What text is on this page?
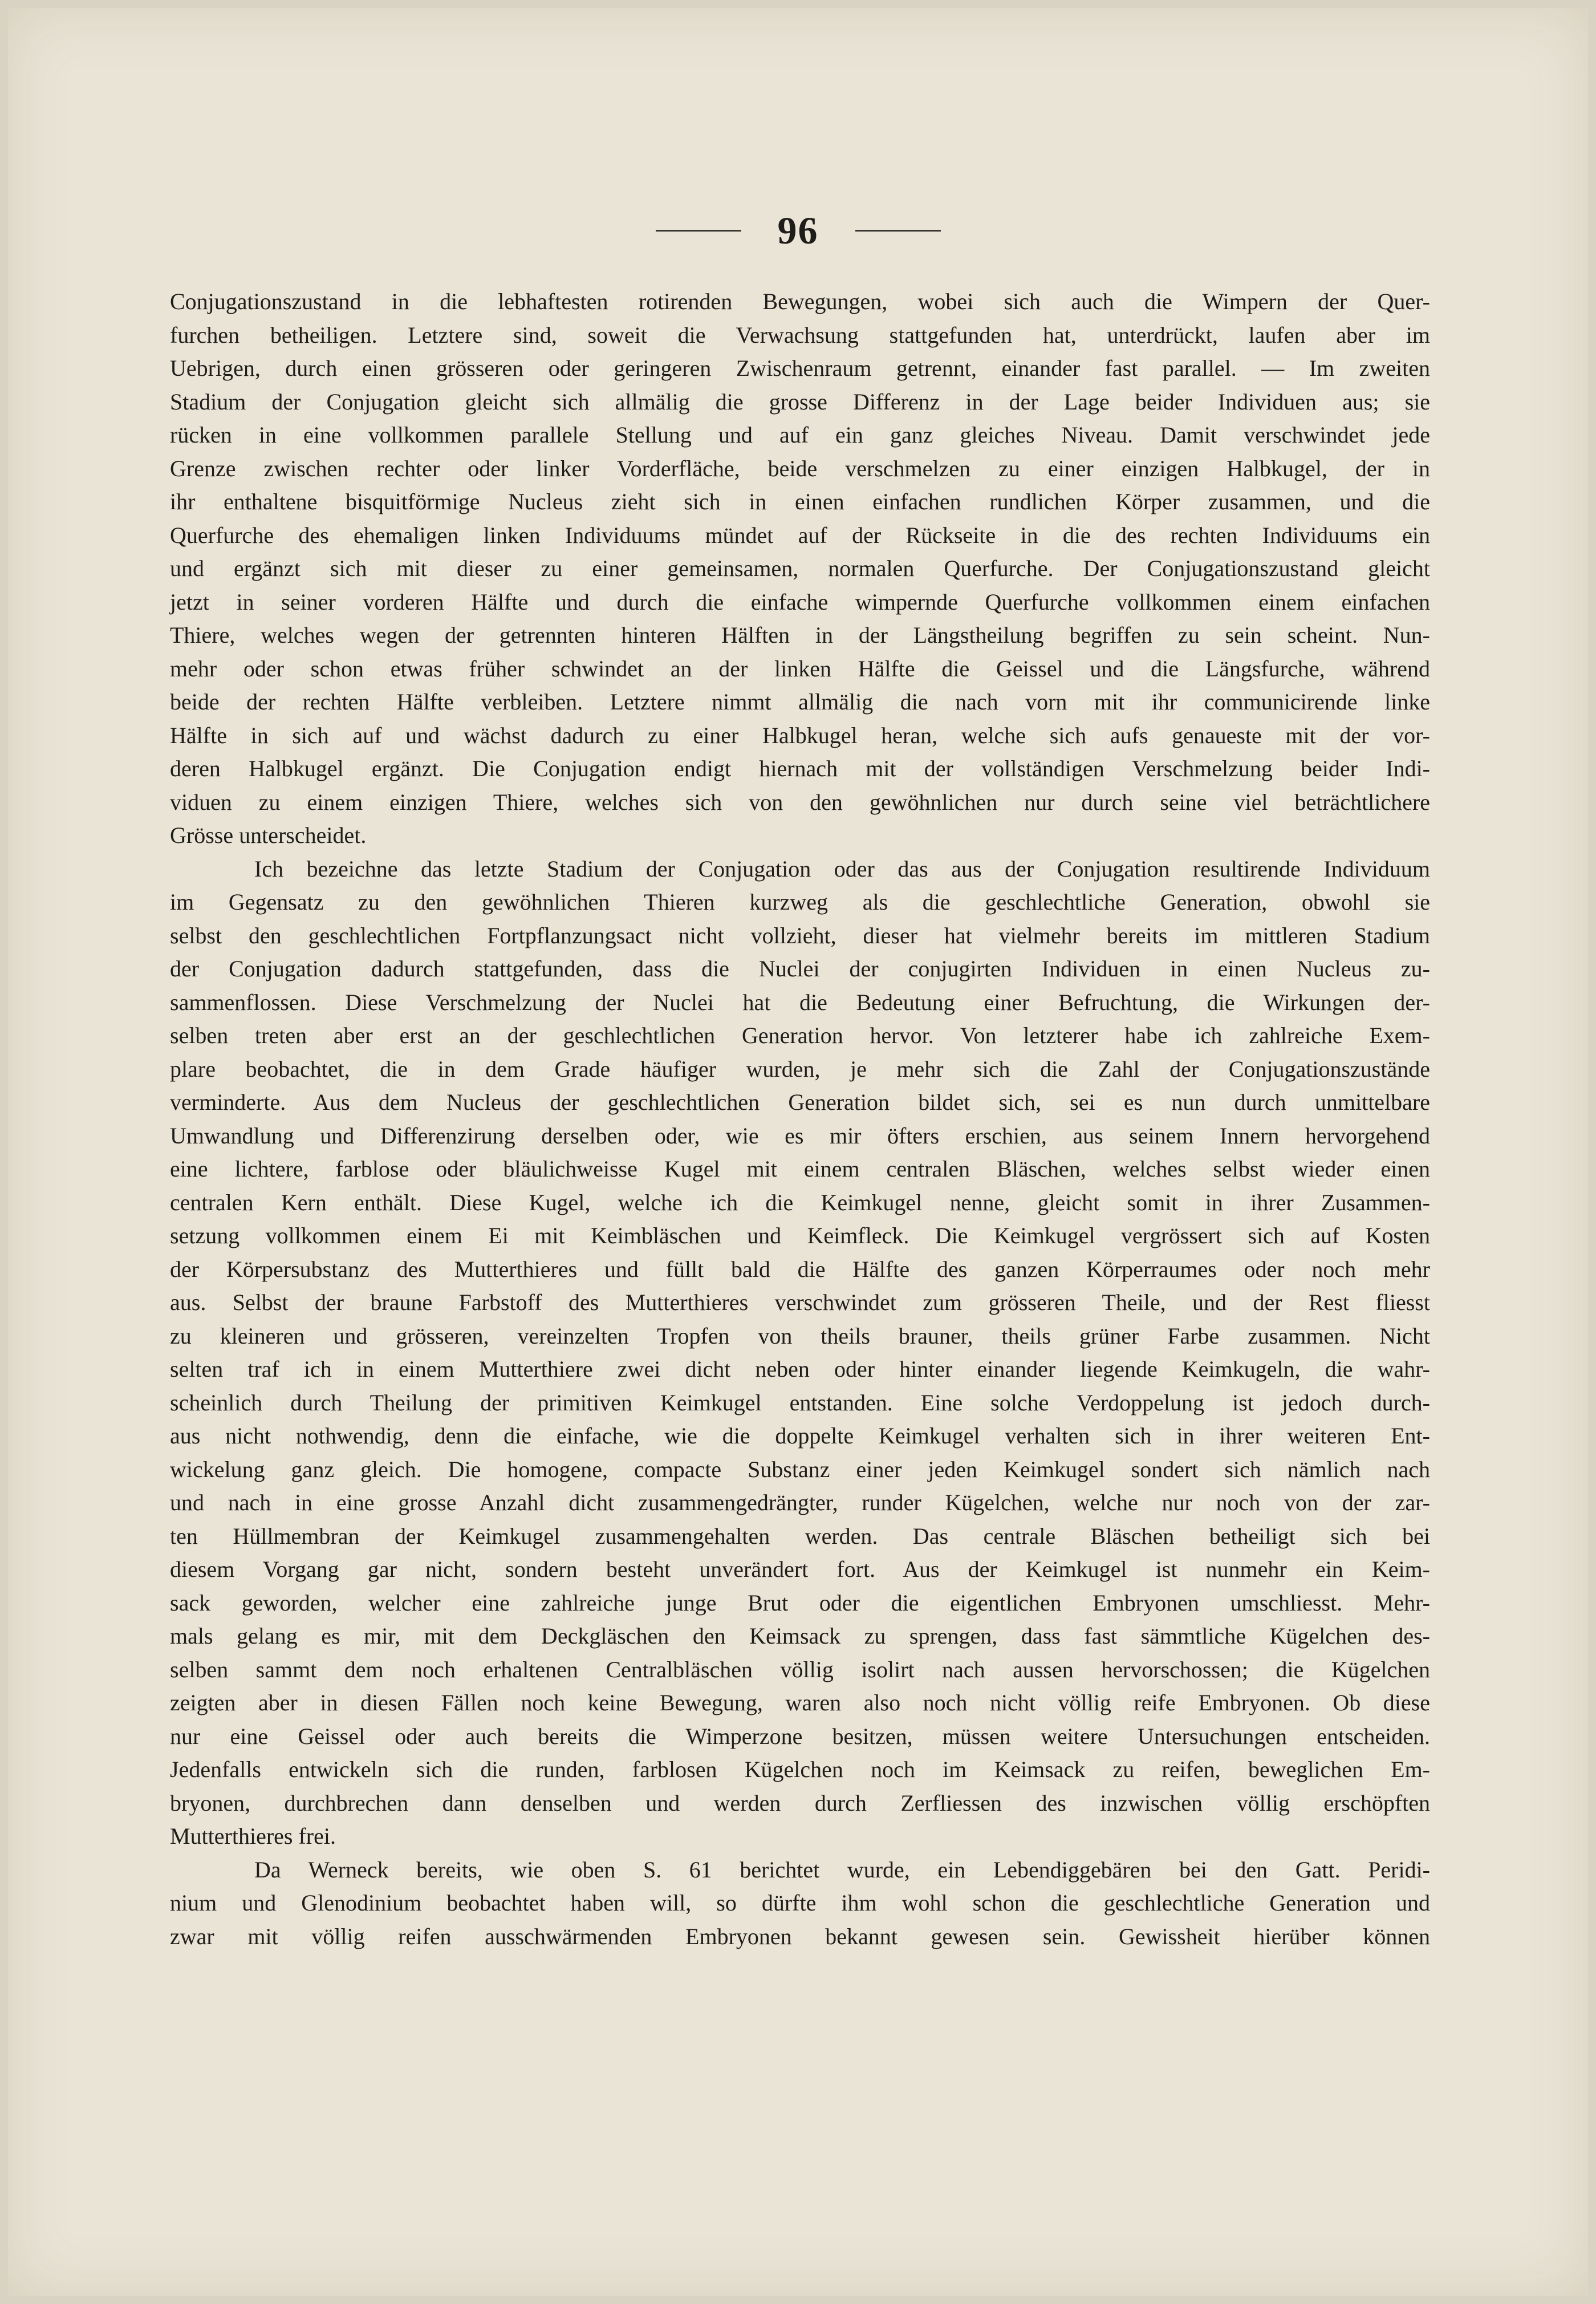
96
Conjugationszustand in die lebhaftesten rotirenden Bewegungen, wobei sich auch die Wimpern der Quer-
furchen betheiligen. Letztere sind, soweit die Verwachsung stattgefunden hat, unterdrückt, laufen aber im
Uebrigen, durch einen grösseren oder geringeren Zwischenraum getrennt, einander fast parallel. — Im zweiten
Stadium der Conjugation gleicht sich allmälig die grosse Differenz in der Lage beider Individuen aus; sie
rücken in eine vollkommen parallele Stellung und auf ein ganz gleiches Niveau. Damit verschwindet jede
Grenze zwischen rechter oder linker Vorderfläche, beide verschmelzen zu einer einzigen Halbkugel, der in
ihr enthaltene bisquitförmige Nucleus zieht sich in einen einfachen rundlichen Körper zusammen, und die
Querfurche des ehemaligen linken Individuums mündet auf der Rückseite in die des rechten Individuums ein
und ergänzt sich mit dieser zu einer gemeinsamen, normalen Querfurche. Der Conjugationszustand gleicht
jetzt in seiner vorderen Hälfte und durch die einfache wimpernde Querfurche vollkommen einem einfachen
Thiere, welches wegen der getrennten hinteren Hälften in der Längstheilung begriffen zu sein scheint. Nun-
mehr oder schon etwas früher schwindet an der linken Hälfte die Geissel und die Längsfurche, während
beide der rechten Hälfte verbleiben. Letztere nimmt allmälig die nach vorn mit ihr communicirende linke
Hälfte in sich auf und wächst dadurch zu einer Halbkugel heran, welche sich aufs genaueste mit der vor-
deren Halbkugel ergänzt. Die Conjugation endigt hiernach mit der vollständigen Verschmelzung beider Indi-
viduen zu einem einzigen Thiere, welches sich von den gewöhnlichen nur durch seine viel beträchtlichere
Grösse unterscheidet.
Ich bezeichne das letzte Stadium der Conjugation oder das aus der Conjugation resultirende Individuum
im Gegensatz zu den gewöhnlichen Thieren kurzweg als die geschlechtliche Generation, obwohl sie
selbst den geschlechtlichen Fortpflanzungsact nicht vollzieht, dieser hat vielmehr bereits im mittleren Stadium
der Conjugation dadurch stattgefunden, dass die Nuclei der conjugirten Individuen in einen Nucleus zu-
sammenflossen. Diese Verschmelzung der Nuclei hat die Bedeutung einer Befruchtung, die Wirkungen der-
selben treten aber erst an der geschlechtlichen Generation hervor. Von letzterer habe ich zahlreiche Exem-
plare beobachtet, die in dem Grade häufiger wurden, je mehr sich die Zahl der Conjugationszustände
verminderte. Aus dem Nucleus der geschlechtlichen Generation bildet sich, sei es nun durch unmittelbare
Umwandlung und Differenzirung derselben oder, wie es mir öfters erschien, aus seinem Innern hervorgehend
eine lichtere, farblose oder bläulichweisse Kugel mit einem centralen Bläschen, welches selbst wieder einen
centralen Kern enthält. Diese Kugel, welche ich die Keimkugel nenne, gleicht somit in ihrer Zusammen-
setzung vollkommen einem Ei mit Keimbläschen und Keimfleck. Die Keimkugel vergrössert sich auf Kosten
der Körpersubstanz des Mutterthieres und füllt bald die Hälfte des ganzen Körperraumes oder noch mehr
aus. Selbst der braune Farbstoff des Mutterthieres verschwindet zum grösseren Theile, und der Rest fliesst
zu kleineren und grösseren, vereinzelten Tropfen von theils brauner, theils grüner Farbe zusammen. Nicht
selten traf ich in einem Mutterthiere zwei dicht neben oder hinter einander liegende Keimkugeln, die wahr-
scheinlich durch Theilung der primitiven Keimkugel entstanden. Eine solche Verdoppelung ist jedoch durch-
aus nicht nothwendig, denn die einfache, wie die doppelte Keimkugel verhalten sich in ihrer weiteren Ent-
wickelung ganz gleich. Die homogene, compacte Substanz einer jeden Keimkugel sondert sich nämlich nach
und nach in eine grosse Anzahl dicht zusammengedrängter, runder Kügelchen, welche nur noch von der zar-
ten Hüllmembran der Keimkugel zusammengehalten werden. Das centrale Bläschen betheiligt sich bei
diesem Vorgang gar nicht, sondern besteht unverändert fort. Aus der Keimkugel ist nunmehr ein Keim-
sack geworden, welcher eine zahlreiche junge Brut oder die eigentlichen Embryonen umschliesst. Mehr-
mals gelang es mir, mit dem Deckgläschen den Keimsack zu sprengen, dass fast sämmtliche Kügelchen des-
selben sammt dem noch erhaltenen Centralbläschen völlig isolirt nach aussen hervorschossen; die Kügelchen
zeigten aber in diesen Fällen noch keine Bewegung, waren also noch nicht völlig reife Embryonen. Ob diese
nur eine Geissel oder auch bereits die Wimperzone besitzen, müssen weitere Untersuchungen entscheiden.
Jedenfalls entwickeln sich die runden, farblosen Kügelchen noch im Keimsack zu reifen, beweglichen Em-
bryonen, durchbrechen dann denselben und werden durch Zerfliessen des inzwischen völlig erschöpften
Mutterthieres frei.
Da Werneck bereits, wie oben S. 61 berichtet wurde, ein Lebendiggebären bei den Gatt. Peridi-
nium und Glenodinium beobachtet haben will, so dürfte ihm wohl schon die geschlechtliche Generation und
zwar mit völlig reifen ausschwärmenden Embryonen bekannt gewesen sein. Gewissheit hierüber können
